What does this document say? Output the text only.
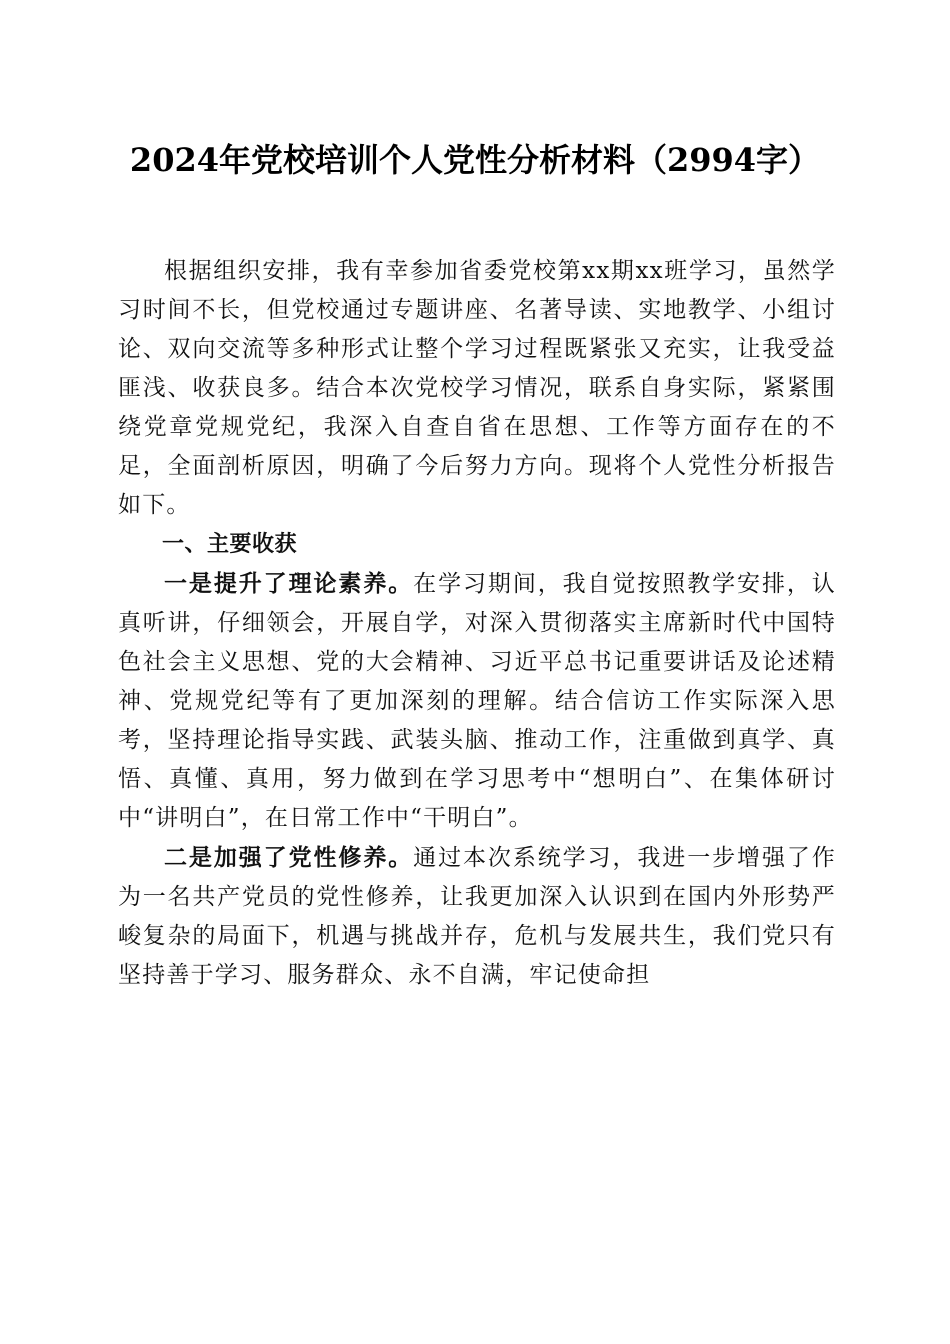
2024年党校培训个人党性分析材料（2994字）

根据组织安排，我有幸参加省委党校第xx期xx班学习，虽然学习时间不长，但党校通过专题讲座、名著导读、实地教学、小组讨论、双向交流等多种形式让整个学习过程既紧张又充实，让我受益匪浅、收获良多。结合本次党校学习情况，联系自身实际，紧紧围绕党章党规党纪，我深入自查自省在思想、工作等方面存在的不足，全面剖析原因，明确了今后努力方向。现将个人党性分析报告如下。

一、主要收获

一是提升了理论素养。在学习期间，我自觉按照教学安排，认真听讲，仔细领会，开展自学，对深入贯彻落实主席新时代中国特色社会主义思想、党的大会精神、习近平总书记重要讲话及论述精神、党规党纪等有了更加深刻的理解。结合信访工作实际深入思考，坚持理论指导实践、武装头脑、推动工作，注重做到真学、真悟、真懂、真用，努力做到在学习思考中“想明白”、在集体研讨中“讲明白”，在日常工作中“干明白”。

二是加强了党性修养。通过本次系统学习，我进一步增强了作为一名共产党员的党性修养，让我更加深入认识到在国内外形势严峻复杂的局面下，机遇与挑战并存，危机与发展共生，我们党只有坚持善于学习、服务群众、永不自满，牢记使命担
